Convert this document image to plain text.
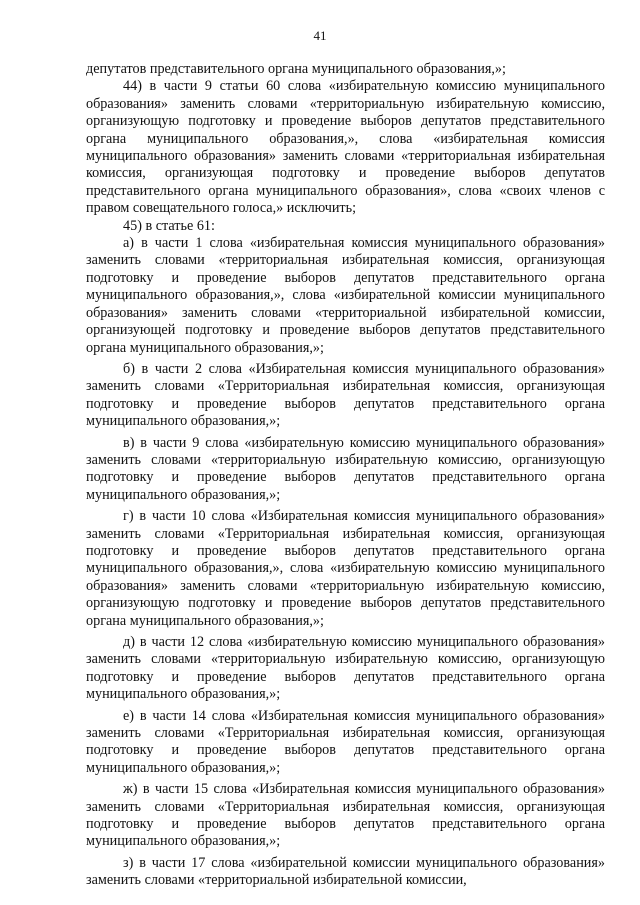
41

депутатов представительного органа муниципального образования,»;

44) в части 9 статьи 60 слова «избирательную комиссию муниципального образования» заменить словами «территориальную избирательную комиссию, организующую подготовку и проведение выборов депутатов представительного органа муниципального образования,», слова «избирательная комиссия муниципального образования» заменить словами «территориальная избирательная комиссия, организующая подготовку и проведение выборов депутатов представительного органа муниципального образования», слова «своих членов с правом совещательного голоса,» исключить;

45) в статье 61:

а) в части 1 слова «избирательная комиссия муниципального образования» заменить словами «территориальная избирательная комиссия, организующая подготовку и проведение выборов депутатов представительного органа муниципального образования,», слова «избирательной комиссии муниципального образования» заменить словами «территориальной избирательной комиссии, организующей подготовку и проведение выборов депутатов представительного органа муниципального образования,»;

б) в части 2 слова «Избирательная комиссия муниципального образования» заменить словами «Территориальная избирательная комиссия, организующая подготовку и проведение выборов депутатов представительного органа муниципального образования,»;

в) в части 9 слова «избирательную комиссию муниципального образования» заменить словами «территориальную избирательную комиссию, организующую подготовку и проведение выборов депутатов представительного органа муниципального образования,»;

г) в части 10 слова «Избирательная комиссия муниципального образования» заменить словами «Территориальная избирательная комиссия, организующая подготовку и проведение выборов депутатов представительного органа муниципального образования,», слова «избирательную комиссию муниципального образования» заменить словами «территориальную избирательную комиссию, организующую подготовку и проведение выборов депутатов представительного органа муниципального образования,»;

д) в части 12 слова «избирательную комиссию муниципального образования» заменить словами «территориальную избирательную комиссию, организующую подготовку и проведение выборов депутатов представительного органа муниципального образования,»;

е) в части 14 слова «Избирательная комиссия муниципального образования» заменить словами «Территориальная избирательная комиссия, организующая подготовку и проведение выборов депутатов представительного органа муниципального образования,»;

ж) в части 15 слова «Избирательная комиссия муниципального образования» заменить словами «Территориальная избирательная комиссия, организующая подготовку и проведение выборов депутатов представительного органа муниципального образования,»;

з) в части 17 слова «избирательной комиссии муниципального образования» заменить словами «территориальной избирательной комиссии,
